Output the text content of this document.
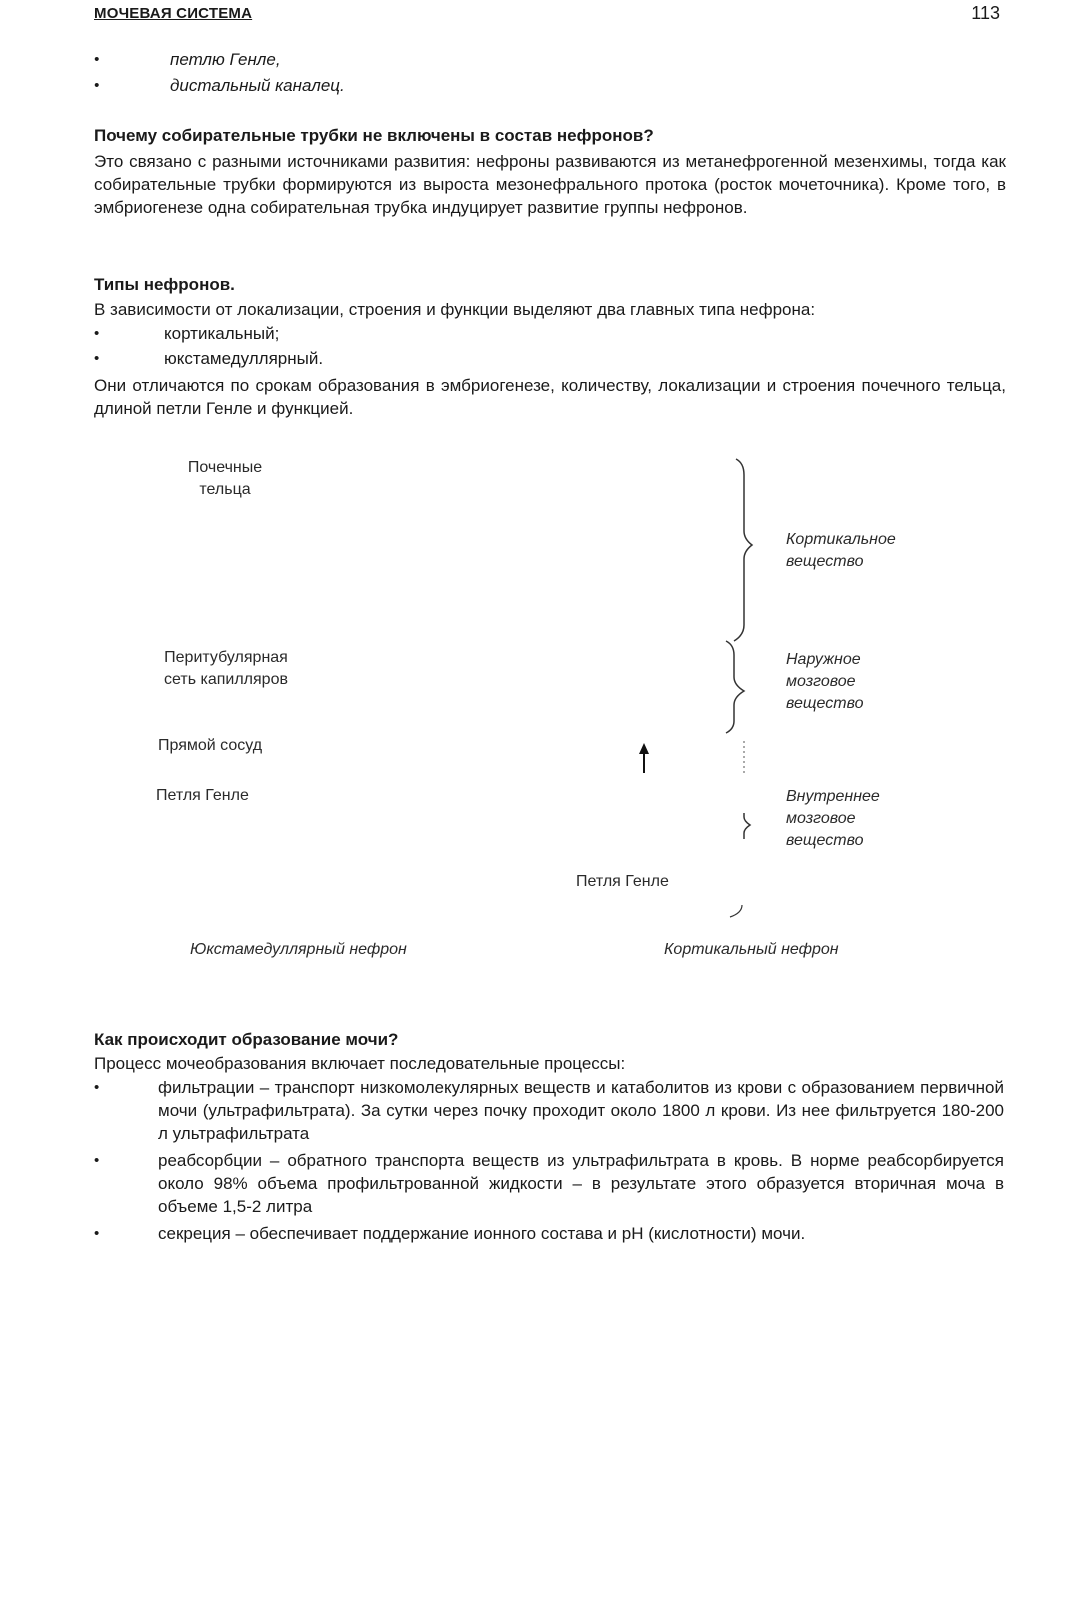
МОЧЕВАЯ СИСТЕМА	113
•	петлю Генле,
•	дистальный каналец.
Почему собирательные трубки не включены в состав нефронов?
Это связано с разными источниками развития: нефроны развиваются из метанефрогенной мезенхимы, тогда как собирательные трубки формируются из выроста мезонефрального протока (росток мочеточника). Кроме того, в эмбриогенезе одна собирательная трубка индуцирует развитие группы нефронов.
Типы нефронов.
В зависимости от локализации, строения и функции выделяют два главных типа нефрона:
•	кортикальный;
•	юкстамедуллярный.
Они отличаются по срокам образования в эмбриогенезе, количеству, локализации и строения почечного тельца, длиной петли Генле и функцией.
Почечные
тельца
Перитубулярная
сеть капилляров
Прямой сосуд
Петля Генле
Петля Генле
Кортикальное
вещество
Наружное
мозговое
вещество
Внутреннее
мозговое
вещество
Юкстамедуллярный нефрон	Кортикальный нефрон
Как происходит образование мочи?
Процесс мочеобразования включает последовательные процессы:
•	фильтрации – транспорт низкомолекулярных веществ и катаболитов из крови с образованием первичной мочи (ультрафильтрата). За сутки через почку проходит около 1800 л крови. Из нее фильтруется 180-200 л ультрафильтрата
•	реабсорбции – обратного транспорта веществ из ультрафильтрата в кровь. В норме реабсорбируется около 98% объема профильтрованной жидкости – в результате этого образуется вторичная моча в объеме 1,5-2 литра
•	секреция – обеспечивает поддержание ионного состава и pH (кислотности) мочи.
